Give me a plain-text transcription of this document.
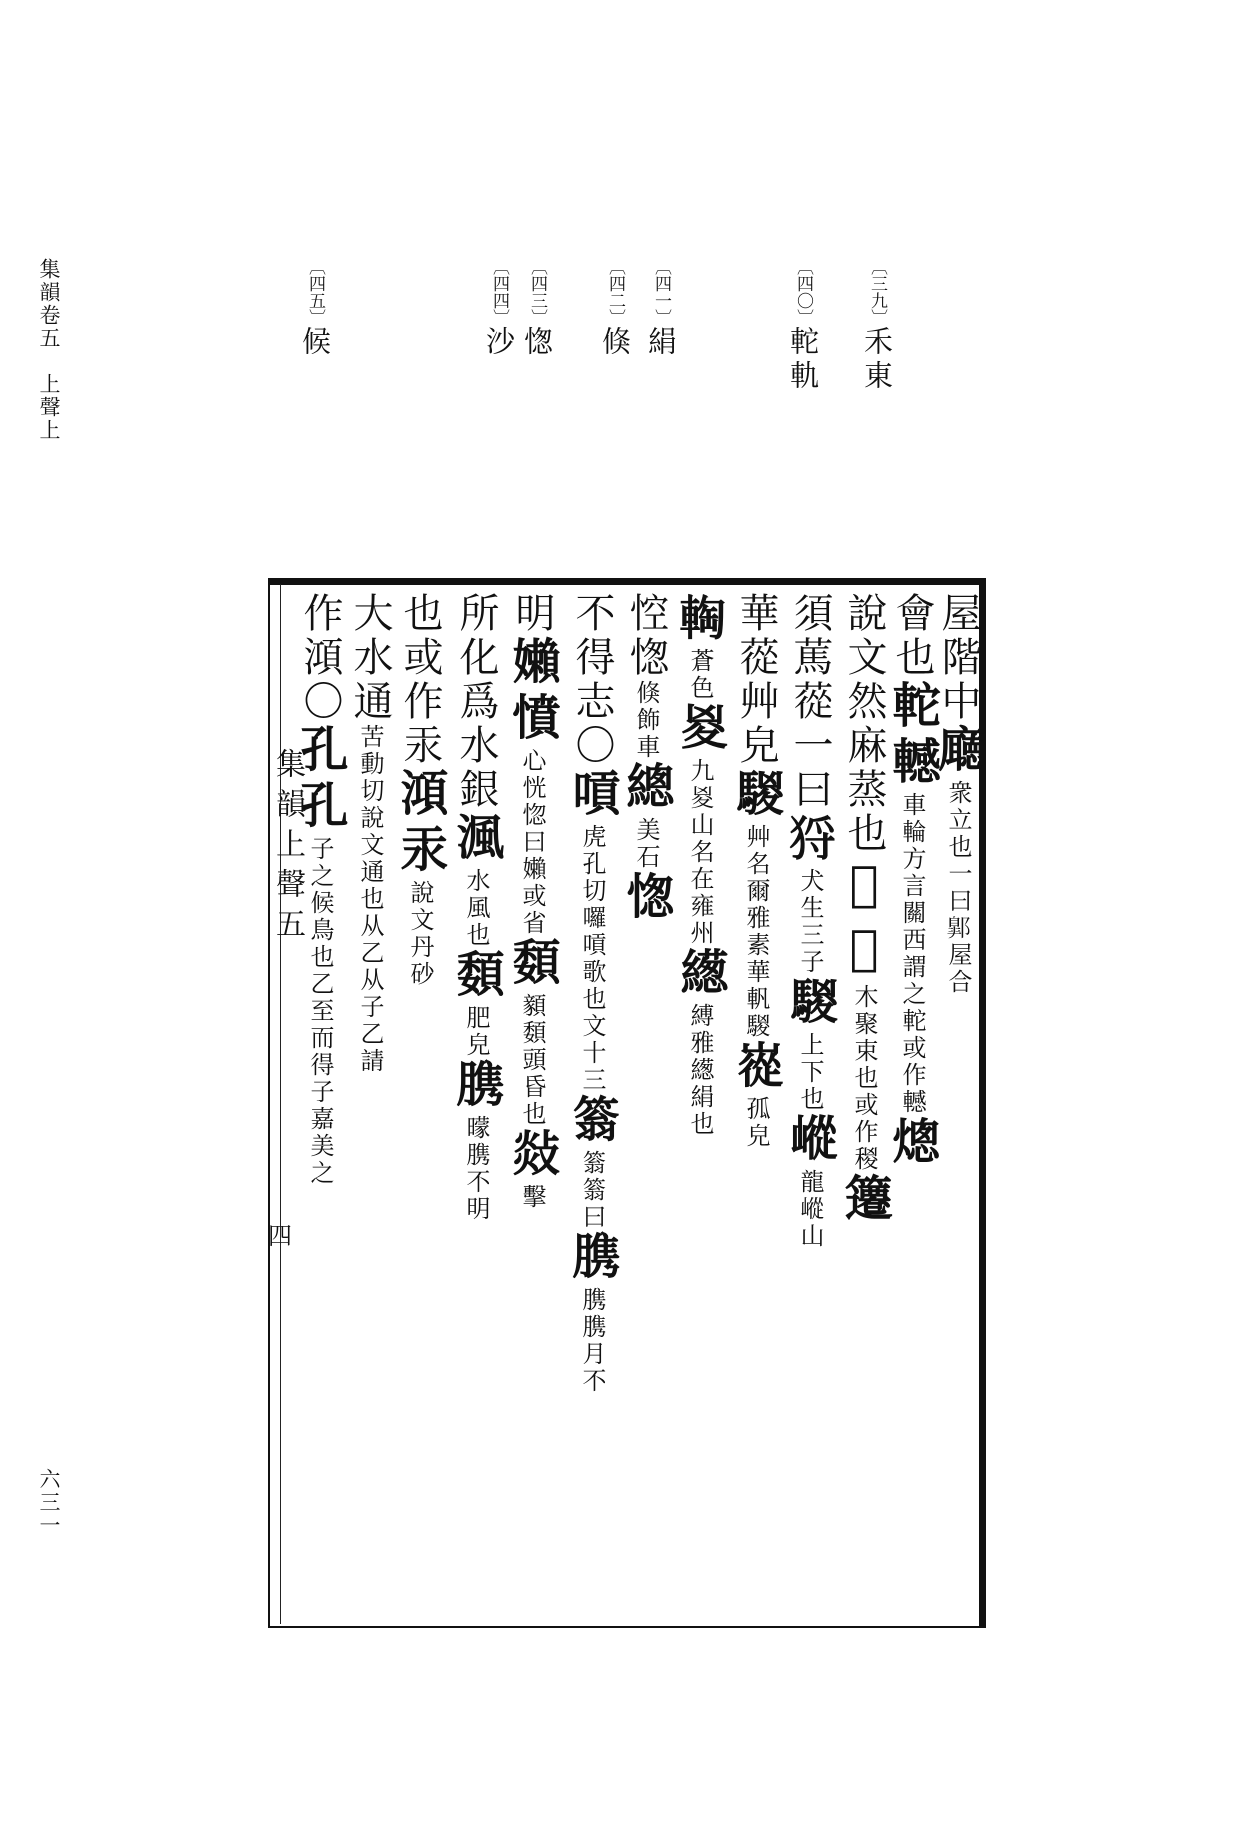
集韻卷五　上聲上
六三一
〔三九〕禾東
〔四〇〕䡐軌
〔四一〕絹
〔四二〕倏
〔四三〕愡
〔四四〕沙
〔四五〕候
集韻上聲五
四
屋階中廰衆立也一曰𨝲屋合
會也䡐轗車輪方言關西謂之䡐或作轗熜
說文然麻蒸也𥠖稯木聚束也或作稯䉦
須䔍蓯一曰𤞙犬生三子騣上下也嵷龍嵷山
華蓯艸皃騣艸名爾雅素華軓騣嵸孤皃
𨌨蒼色㚇九㚇山名在雍州繱縛雅繱絹也
悾愡倏飾車總美石愡
不得志〇嗊虎孔切囉嗊歌也文十三䈵䈵䈵曰䐪䐪䐪月不
明嬾憤心恍惚曰嬾或省䫋顡䫋頭昏也敥擊
所化爲水銀渢水風也䫋肥皃䐪曚䐪不明
也或作汞澒汞說文丹砂
大水通苦動切說文通也从乙从子乙請
作澒〇孔孔子之候鳥也乙至而得子嘉美之
